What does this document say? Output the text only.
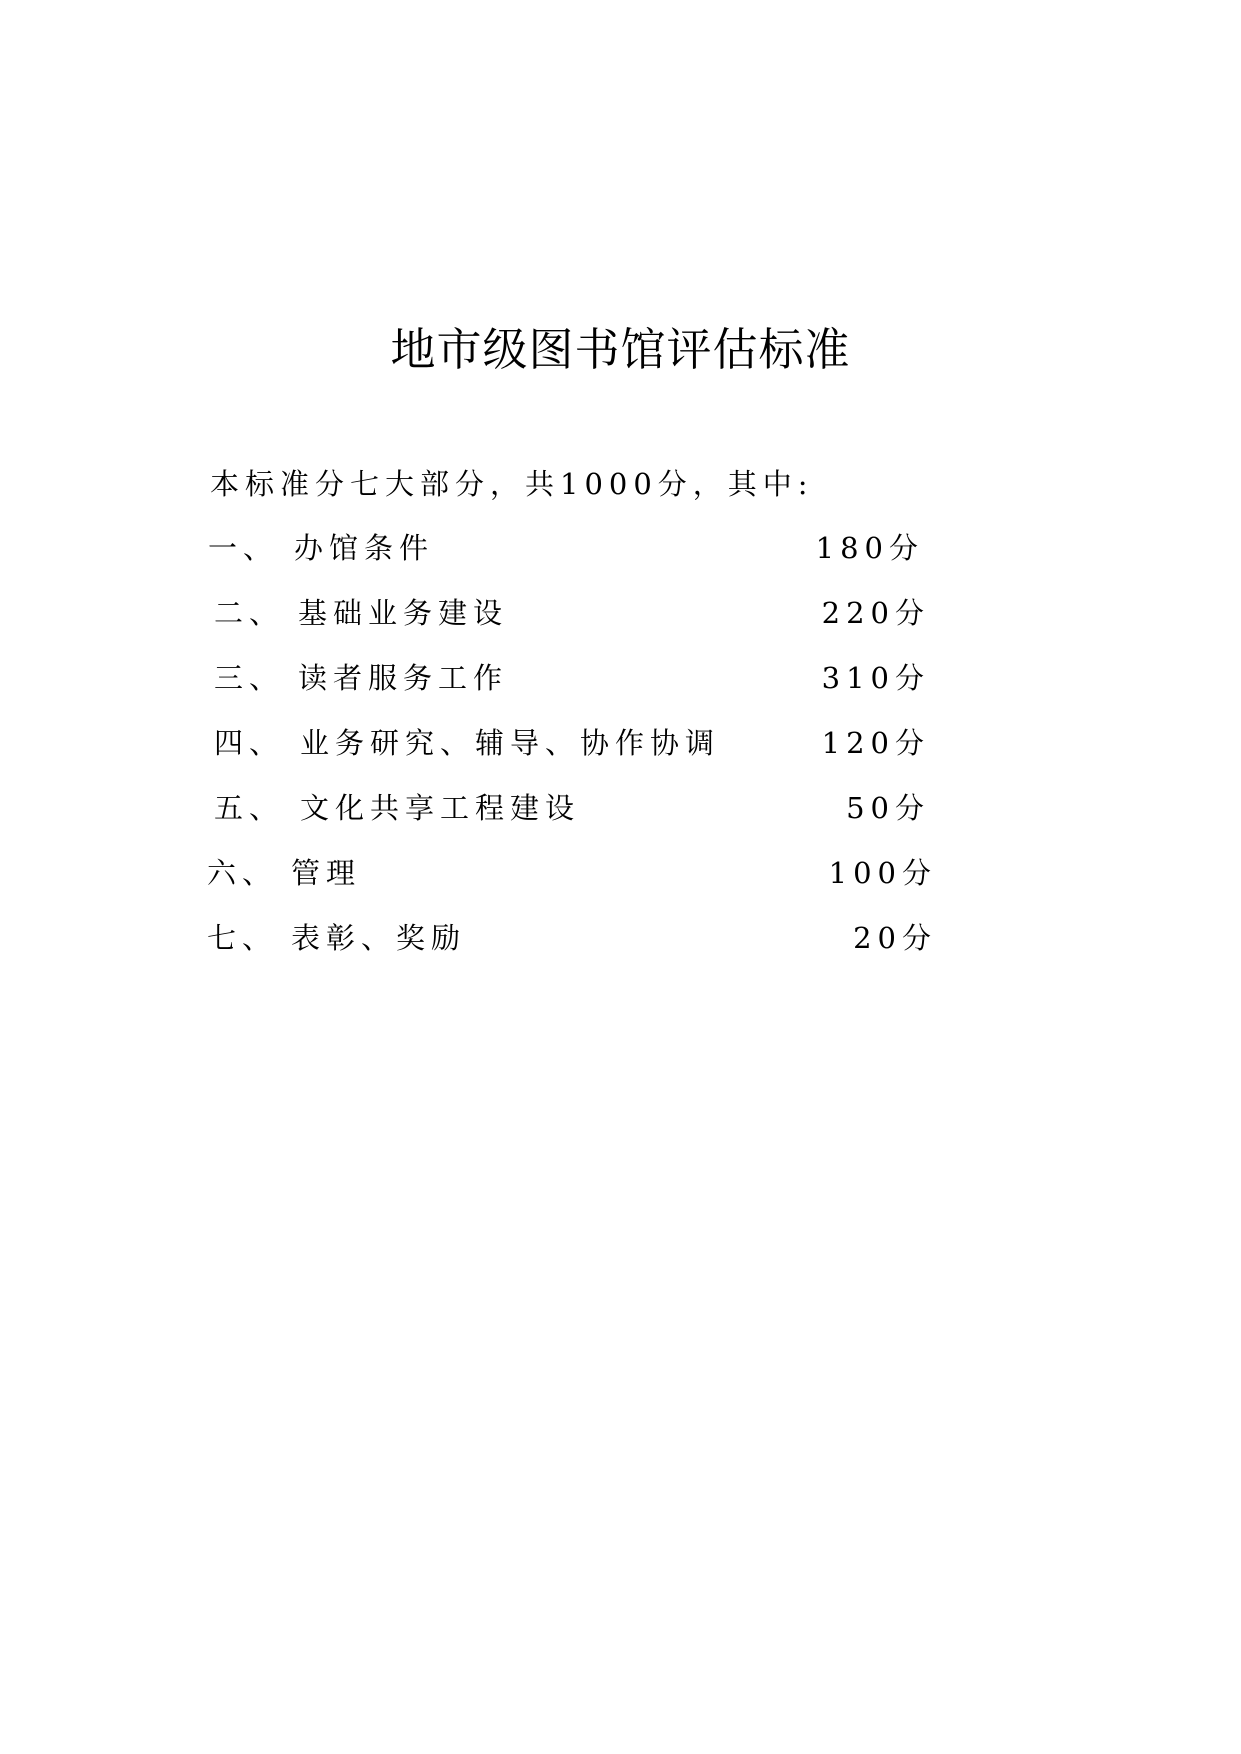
地市级图书馆评估标准
本标准分七大部分，共1000分，其中:
一、 办馆条件	180分
二、 基础业务建设	220分
三、 读者服务工作	310分
四、 业务研究、辅导、协作协调	120分
五、 文化共享工程建设	50分
六、 管理	100分
七、 表彰、奖励	20分
